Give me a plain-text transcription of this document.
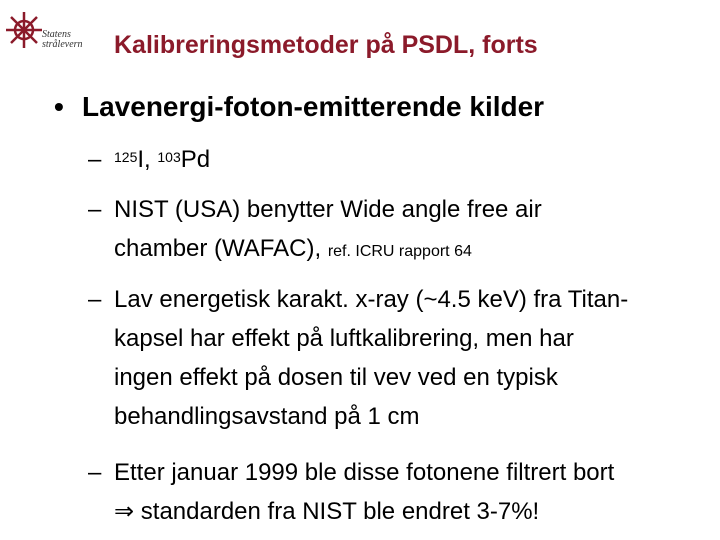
Statens
strålevern Kalibreringsmetoder på PSDL, forts
• Lavenergi-foton-emitterende kilder
– $^{125}$I, $^{103}$Pd
– NIST (USA) benytter Wide angle free air
chamber (WAFAC), ref. ICRU rapport 64
– Lav energetisk karakt. x-ray (~4.5 keV) fra Titan-
kapsel har effekt på luftkalibrering, men har
ingen effekt på dosen til vev ved en typisk
behandlingsavstand på 1 cm
– Etter januar 1999 ble disse fotonene filtrert bort
⇒ standarden fra NIST ble endret 3-7%!
